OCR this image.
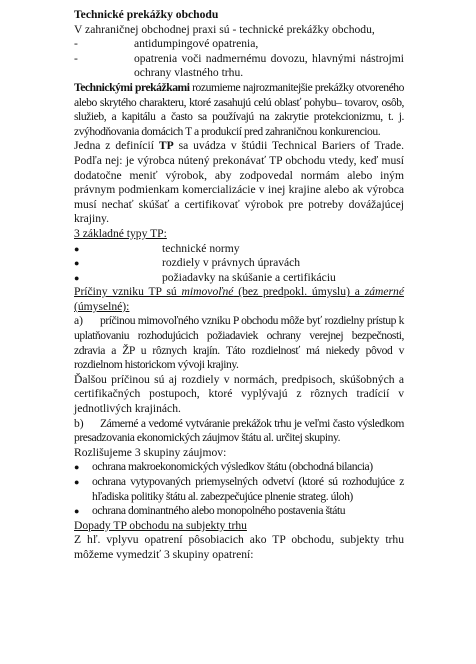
Technické prekážky obchodu

V zahraničnej obchodnej praxi sú - technické prekážky obchodu,

-	antidumpingové opatrenia,
-	opatrenia voči nadmernému dovozu, hlavnými nástrojmi ochrany vlastného trhu.

Technickými prekážkami rozumieme najrozmanitejšie prekážky otvoreného alebo skrytého charakteru, ktoré zasahujú celú oblasť pohybu– tovarov, osôb, služieb, a kapitálu a často sa používajú na zakrytie protekcionizmu, t. j. zvýhodňovania domácich T a produkcií pred zahraničnou konkurenciou.

Jedna z definícií TP sa uvádza v štúdii Technical Bariers of Trade. Podľa nej: je výrobca nútený prekonávať TP obchodu vtedy, keď musí dodatočne meniť výrobok, aby zodpovedal normám alebo iným právnym podmienkam komercializácie v inej krajine alebo ak výrobca musí nechať skúšať a certifikovať výrobok pre potreby dovážajúcej krajiny.

3 základné typy TP:

●	technické normy
●	rozdiely v právnych úpravách
●	požiadavky na skúšanie a certifikáciu

Príčiny vzniku TP sú mimovoľné (bez predpokl. úmyslu) a zámerné (úmyselné):

a)	príčinou mimovoľného vzniku P obchodu môže byť rozdielny prístup k uplatňovaniu rozhodujúcich požiadaviek ochrany verejnej bezpečnosti, zdravia a ŽP u rôznych krajín. Táto rozdielnosť má niekedy pôvod v rozdielnom historickom vývoji krajiny.

Ďalšou príčinou sú aj rozdiely v normách, predpisoch, skúšobných a certifikačných postupoch, ktoré vyplývajú z rôznych tradícií v jednotlivých krajinách.

b)	Zámerné a vedomé vytváranie prekážok trhu je veľmi často výsledkom presadzovania ekonomických záujmov štátu al. určitej skupiny.

Rozlišujeme 3 skupiny záujmov:

●	ochrana makroekonomických výsledkov štátu (obchodná bilancia)
●	ochrana vytypovaných priemyselných odvetví (ktoré sú rozhodujúce z hľadiska politiky štátu al. zabezpečujúce plnenie strateg. úloh)
●	ochrana dominantného alebo monopolného postavenia štátu

Dopady TP obchodu na subjekty trhu

Z hľ. vplyvu opatrení pôsobiacich ako TP obchodu, subjekty trhu môžeme vymedziť 3 skupiny opatrení:
